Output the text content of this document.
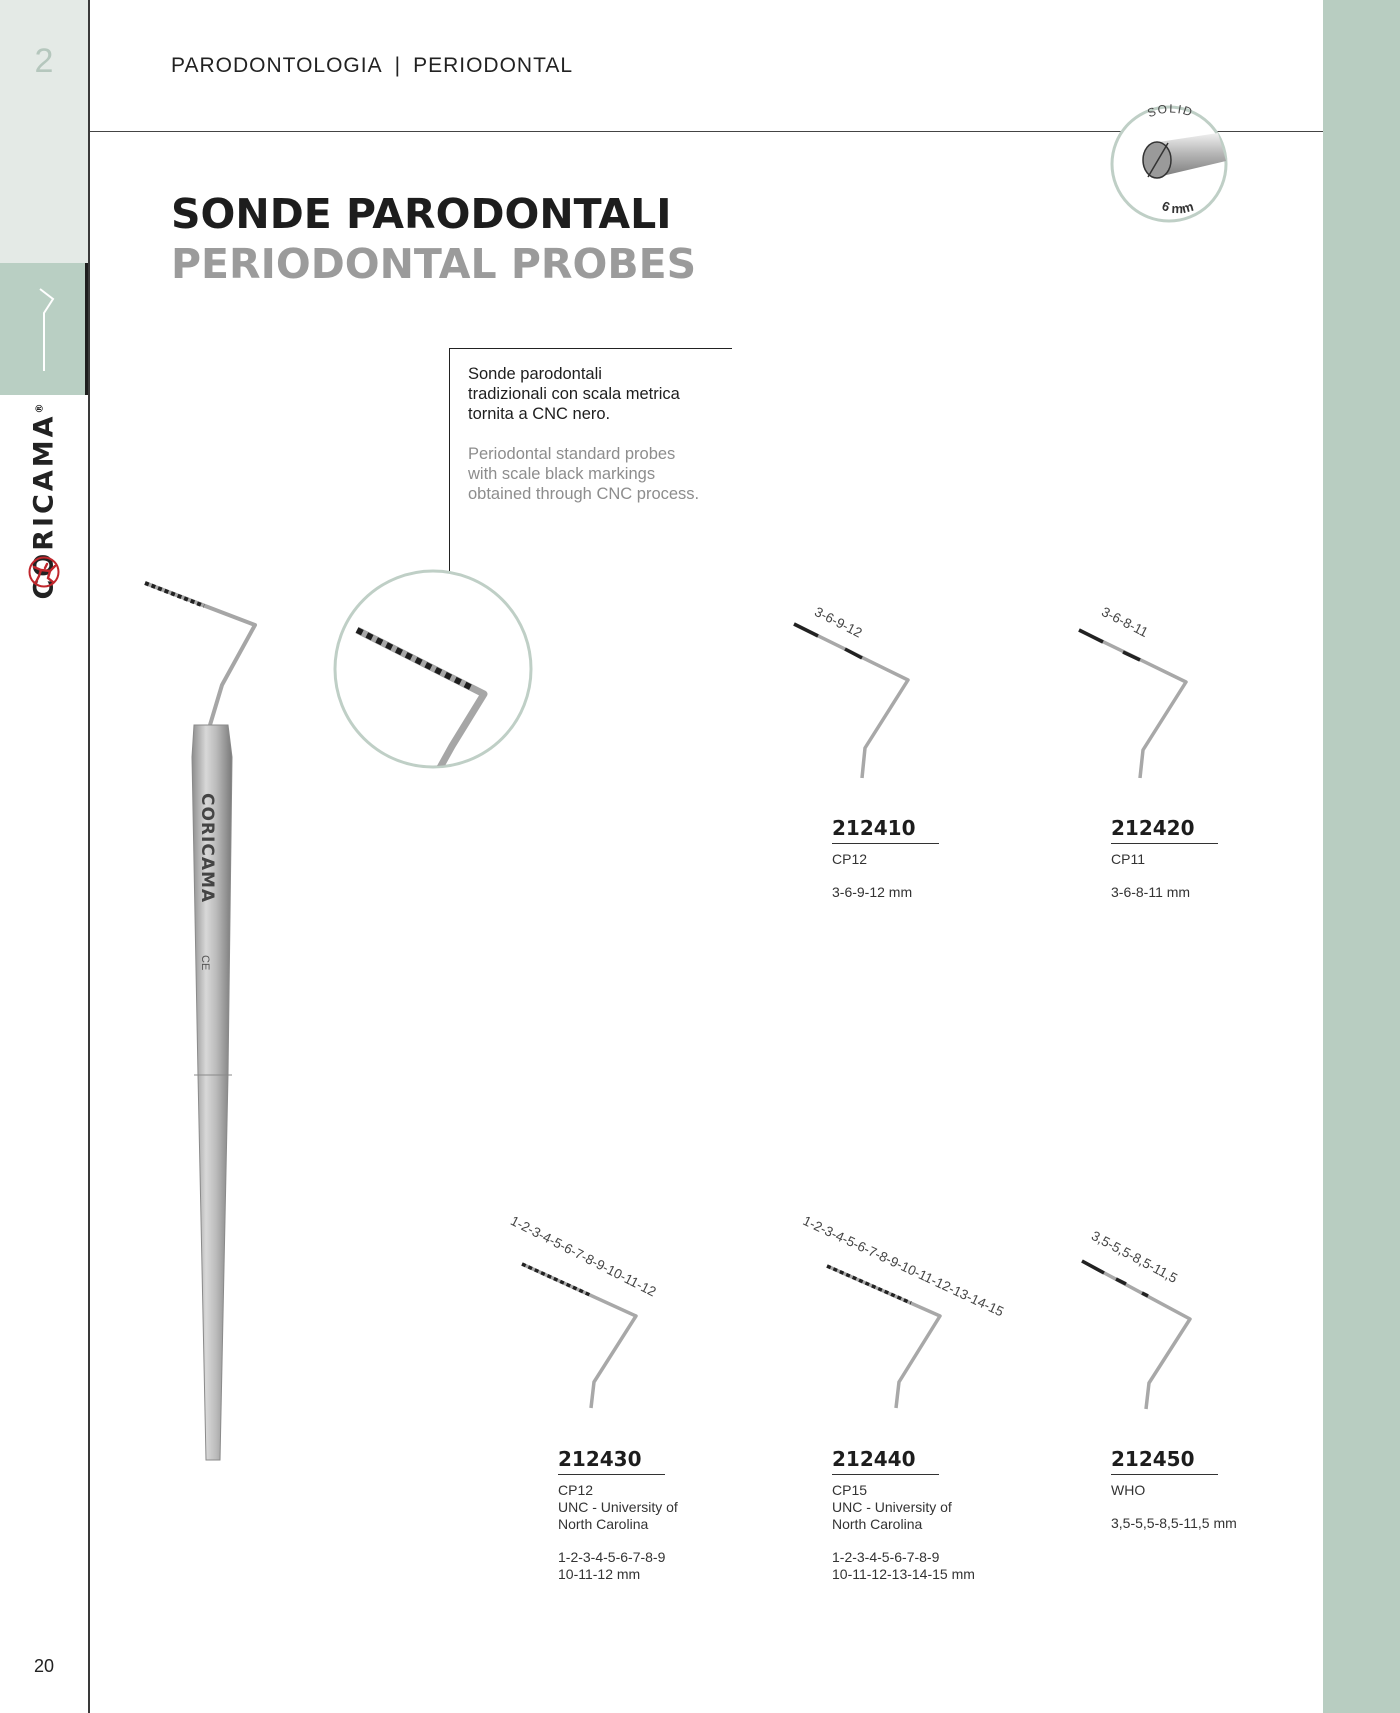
2
CORICAMA®
20
PARODONTOLOGIA | PERIODONTAL
SOLID
6 mm
SONDE PARODONTALI
PERIODONTAL PROBES
Sonde parodontali
tradizionali con scala metrica
tornita a CNC nero.
Periodontal standard probes
with scale black markings
obtained through CNC process.
CORICAMA
CE
3-6-9-12
212410
CP12
3-6-9-12 mm
3-6-8-11
212420
CP11
3-6-8-11 mm
1-2-3-4-5-6-7-8-9-10-11-12
212430
CP12
UNC - University of
North Carolina
1-2-3-4-5-6-7-8-9
10-11-12 mm
1-2-3-4-5-6-7-8-9-10-11-12-13-14-15
212440
CP15
UNC - University of
North Carolina
1-2-3-4-5-6-7-8-9
10-11-12-13-14-15 mm
3,5-5,5-8,5-11,5
212450
WHO
3,5-5,5-8,5-11,5 mm
